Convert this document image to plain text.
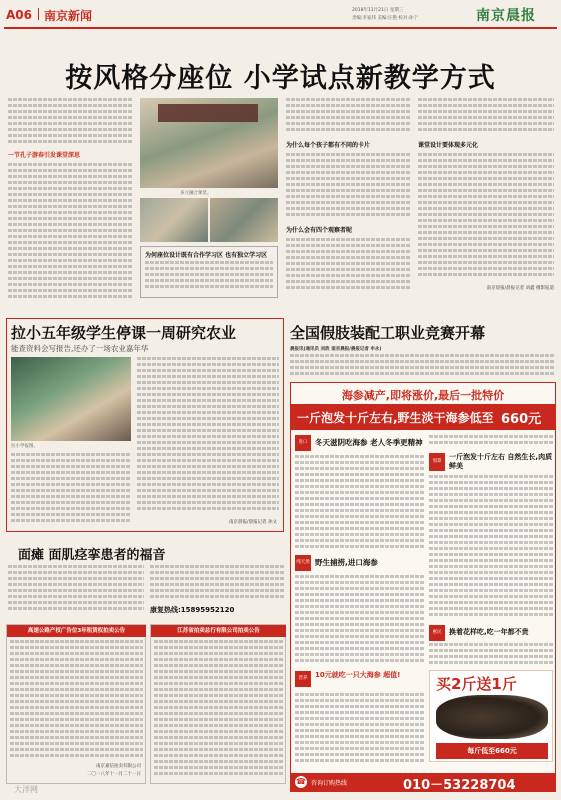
A06 南京新闻	2018年11月21日 星期三
责编:李家伟 美编:汪艳 校对:孙宁	南京晨报
按风格分座位 小学试点新教学方式
一节孔子游春引发课堂深思
多元融合课堂。
为何座位设计既有合作学习区 也有独立学习区
为什么每个孩子都有不同的卡片
为什么会有四个观察者呢
课堂设计要体现多元化
南京晨报/晨报记者 刘鑫 摄影报道
拉小五年级学生停课一周研究农业
能查资料会写报告,还办了一场农业嘉年华
拉小学报图。
南京晨报/晨报记者 孙文
全国假肢装配工职业竞赛开幕
晨报讯(通讯员 刘政 南京晨报/晨报记者 申永)
海参减产,即将涨价,最后一批特价
一斤泡发十斤左右,野生淡干海参低至 660元
进口	冬天滋阴吃海参 老人冬季更精神
纯天然 野生捕捞,进口海参
营养	10元就吃一只大海参 超值!
划算
一斤泡发十斤左右 自然生长,肉质鲜美
惠民	换着花样吃,吃一年都不贵
买2斤送1斤
每斤低至660元
☎ 咨询订购热线	010－53228704
面瘫 面肌痉挛患者的福音
康复热线:15895952120
高速公路产权广告位3年租赁权拍卖公告
南京嘉信拍卖有限公司
二〇一八年十一月二十一日
江苏省拍卖总行有限公司拍卖公告
大洋网
